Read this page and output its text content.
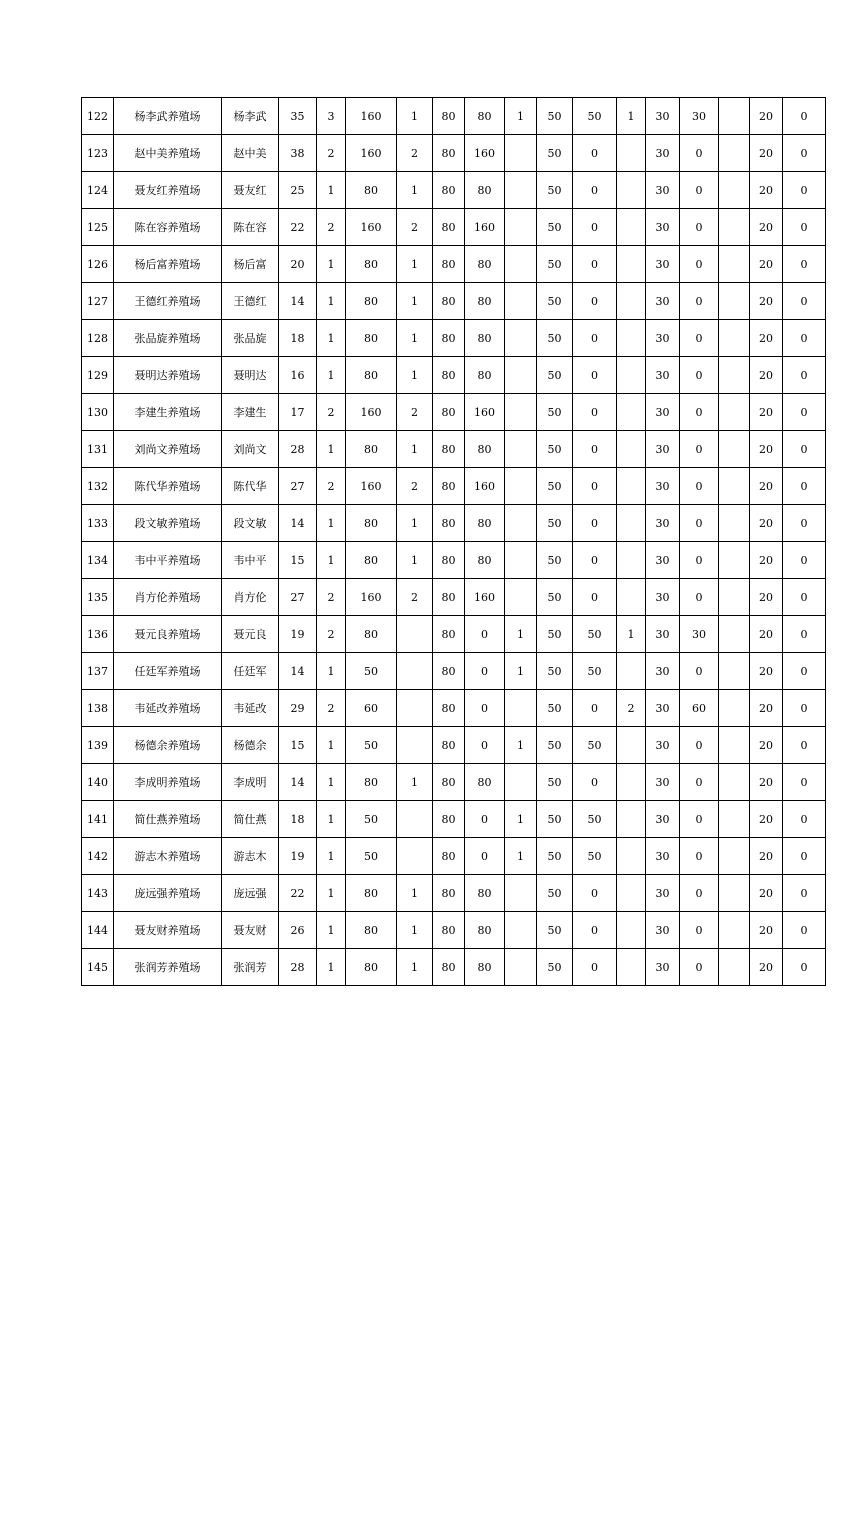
122	杨李武养殖场	杨李武	35	3	160	1	80	80	1	50	50	1	30	30		20	0
123	赵中美养殖场	赵中美	38	2	160	2	80	160		50	0		30	0		20	0
124	聂友红养殖场	聂友红	25	1	80	1	80	80		50	0		30	0		20	0
125	陈在容养殖场	陈在容	22	2	160	2	80	160		50	0		30	0		20	0
126	杨后富养殖场	杨后富	20	1	80	1	80	80		50	0		30	0		20	0
127	王德红养殖场	王德红	14	1	80	1	80	80		50	0		30	0		20	0
128	张品旋养殖场	张品旋	18	1	80	1	80	80		50	0		30	0		20	0
129	聂明达养殖场	聂明达	16	1	80	1	80	80		50	0		30	0		20	0
130	李建生养殖场	李建生	17	2	160	2	80	160		50	0		30	0		20	0
131	刘尚文养殖场	刘尚文	28	1	80	1	80	80		50	0		30	0		20	0
132	陈代华养殖场	陈代华	27	2	160	2	80	160		50	0		30	0		20	0
133	段文敏养殖场	段文敏	14	1	80	1	80	80		50	0		30	0		20	0
134	韦中平养殖场	韦中平	15	1	80	1	80	80		50	0		30	0		20	0
135	肖方伦养殖场	肖方伦	27	2	160	2	80	160		50	0		30	0		20	0
136	聂元良养殖场	聂元良	19	2	80		80	0	1	50	50	1	30	30		20	0
137	任廷军养殖场	任廷军	14	1	50		80	0	1	50	50		30	0		20	0
138	韦延改养殖场	韦延改	29	2	60		80	0		50	0	2	30	60		20	0
139	杨德余养殖场	杨德余	15	1	50		80	0	1	50	50		30	0		20	0
140	李成明养殖场	李成明	14	1	80	1	80	80		50	0		30	0		20	0
141	简仕燕养殖场	简仕燕	18	1	50		80	0	1	50	50		30	0		20	0
142	游志木养殖场	游志木	19	1	50		80	0	1	50	50		30	0		20	0
143	庞远强养殖场	庞远强	22	1	80	1	80	80		50	0		30	0		20	0
144	聂友财养殖场	聂友财	26	1	80	1	80	80		50	0		30	0		20	0
145	张润芳养殖场	张润芳	28	1	80	1	80	80		50	0		30	0		20	0
